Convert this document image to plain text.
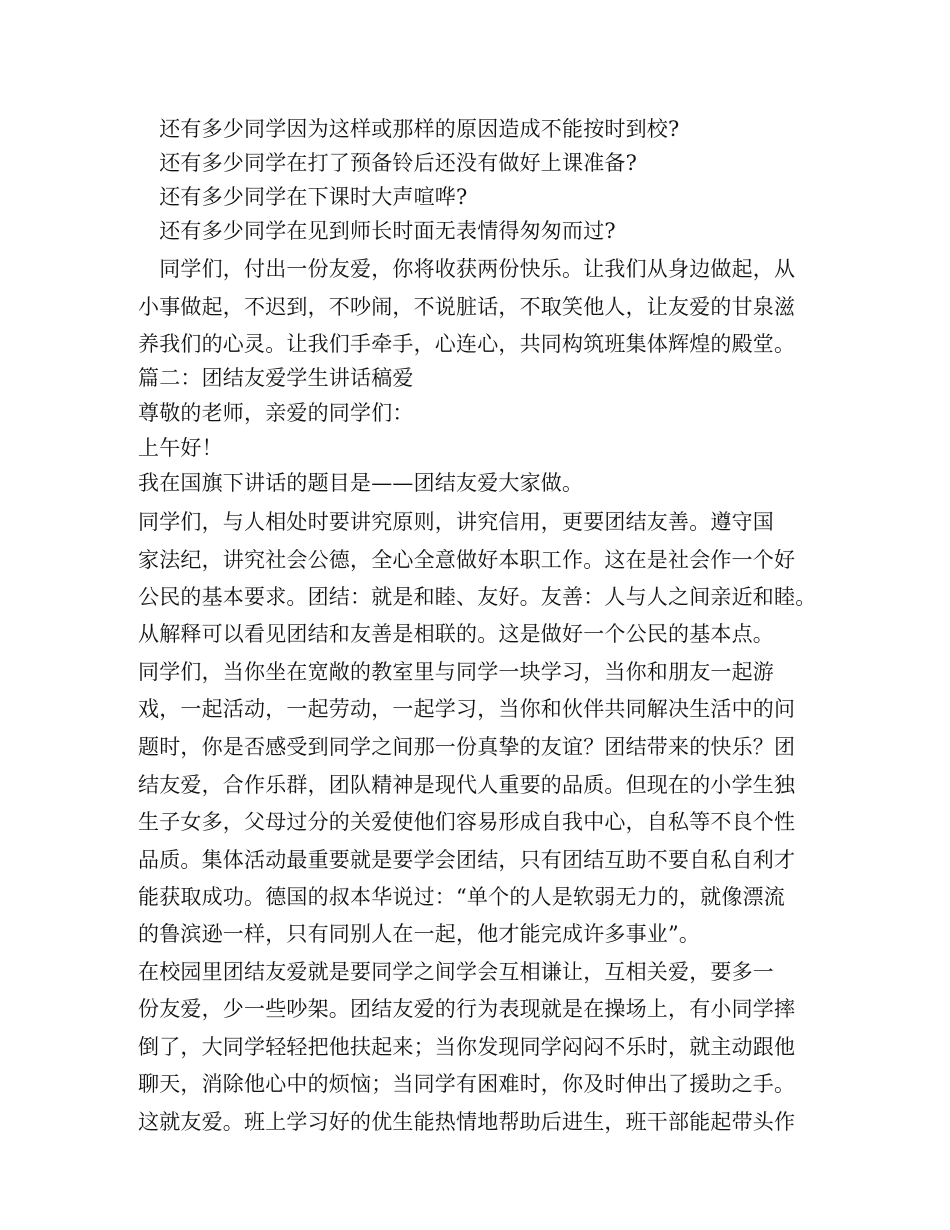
　还有多少同学因为这样或那样的原因造成不能按时到校?
　还有多少同学在打了预备铃后还没有做好上课准备?
　还有多少同学在下课时大声喧哗?
　还有多少同学在见到师长时面无表情得匆匆而过?
　同学们，付出一份友爱，你将收获两份快乐。让我们从身边做起，从
小事做起，不迟到，不吵闹，不说脏话，不取笑他人，让友爱的甘泉滋
养我们的心灵。让我们手牵手，心连心，共同构筑班集体辉煌的殿堂。
篇二：团结友爱学生讲话稿爱
尊敬的老师，亲爱的同学们：
上午好！
我在国旗下讲话的题目是——团结友爱大家做。
同学们，与人相处时要讲究原则，讲究信用，更要团结友善。遵守国
家法纪，讲究社会公德，全心全意做好本职工作。这在是社会作一个好
公民的基本要求。团结：就是和睦、友好。友善：人与人之间亲近和睦。
从解释可以看见团结和友善是相联的。这是做好一个公民的基本点。
同学们，当你坐在宽敞的教室里与同学一块学习，当你和朋友一起游
戏，一起活动，一起劳动，一起学习，当你和伙伴共同解决生活中的问
题时，你是否感受到同学之间那一份真挚的友谊？团结带来的快乐？团
结友爱，合作乐群，团队精神是现代人重要的品质。但现在的小学生独
生子女多，父母过分的关爱使他们容易形成自我中心，自私等不良个性
品质。集体活动最重要就是要学会团结，只有团结互助不要自私自利才
能获取成功。德国的叔本华说过：“单个的人是软弱无力的，就像漂流
的鲁滨逊一样，只有同别人在一起，他才能完成许多事业”。
在校园里团结友爱就是要同学之间学会互相谦让，互相关爱，要多一
份友爱，少一些吵架。团结友爱的行为表现就是在操场上，有小同学摔
倒了，大同学轻轻把他扶起来；当你发现同学闷闷不乐时，就主动跟他
聊天，消除他心中的烦恼；当同学有困难时，你及时伸出了援助之手。
这就友爱。班上学习好的优生能热情地帮助后进生，班干部能起带头作
